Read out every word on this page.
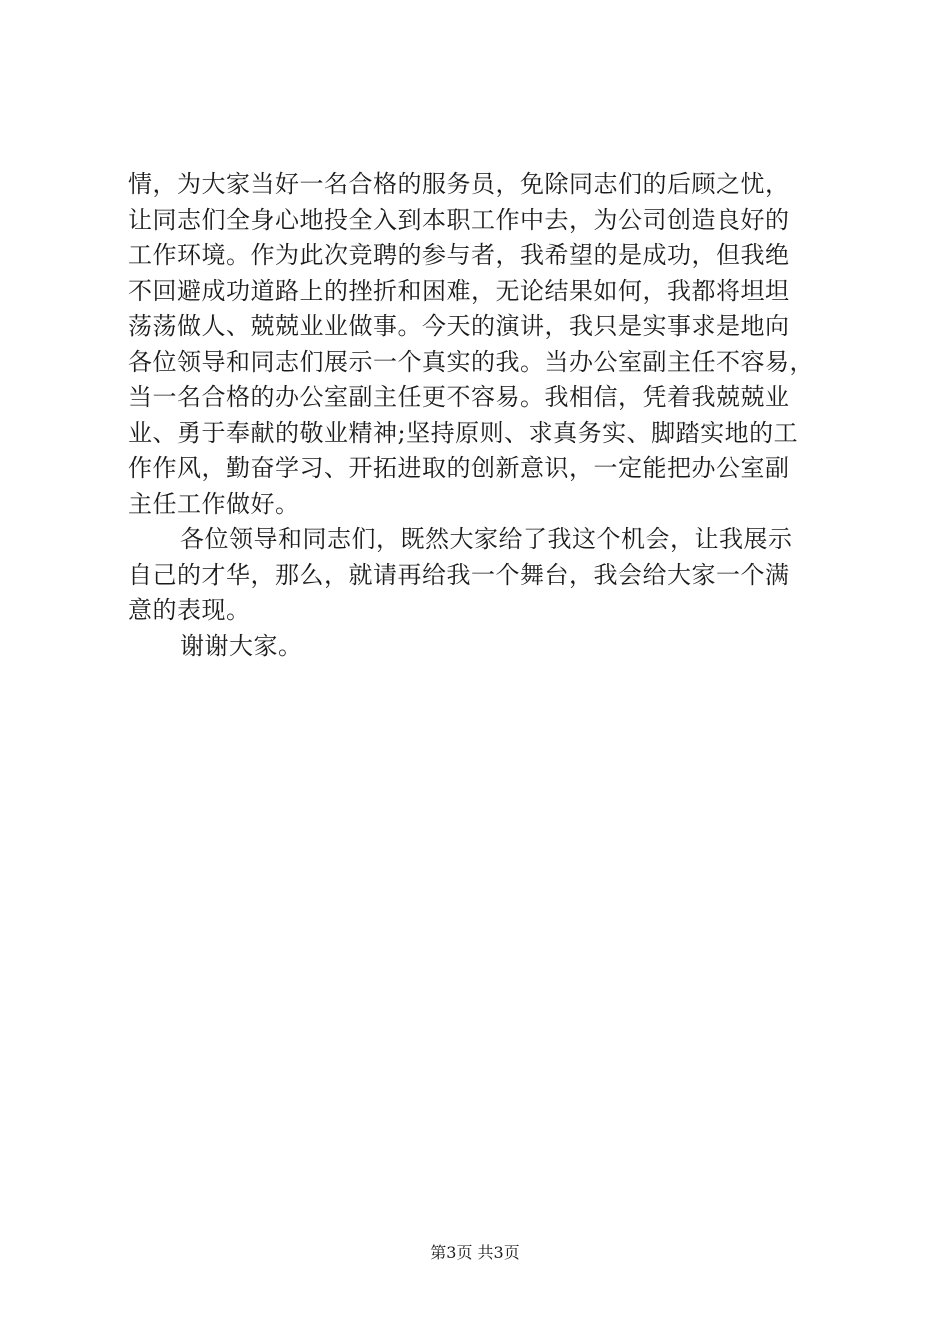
情，为大家当好一名合格的服务员，免除同志们的后顾之忧，
让同志们全身心地投全入到本职工作中去，为公司创造良好的
工作环境。作为此次竞聘的参与者，我希望的是成功，但我绝
不回避成功道路上的挫折和困难，无论结果如何，我都将坦坦
荡荡做人、兢兢业业做事。今天的演讲，我只是实事求是地向
各位领导和同志们展示一个真实的我。当办公室副主任不容易，
当一名合格的办公室副主任更不容易。我相信，凭着我兢兢业
业、勇于奉献的敬业精神;坚持原则、求真务实、脚踏实地的工
作作风，勤奋学习、开拓进取的创新意识，一定能把办公室副
主任工作做好。
各位领导和同志们，既然大家给了我这个机会，让我展示
自己的才华，那么，就请再给我一个舞台，我会给大家一个满
意的表现。
谢谢大家。
第3页 共3页
